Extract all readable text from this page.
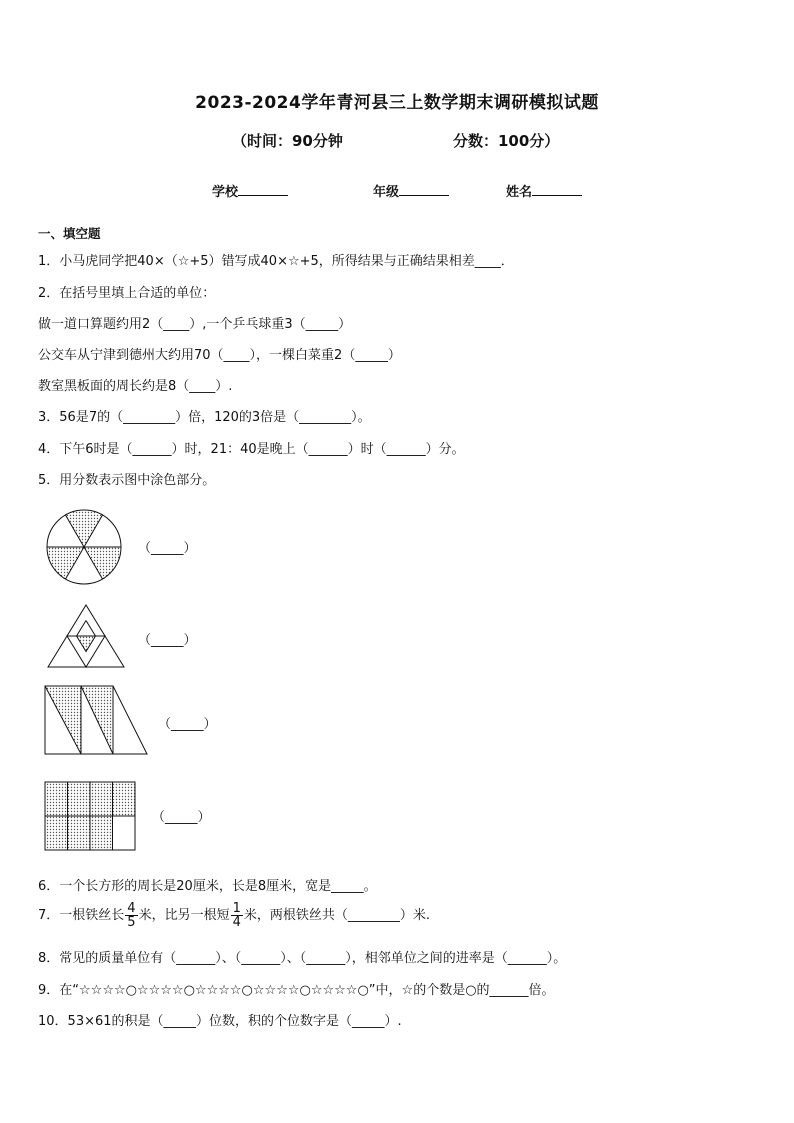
2023-2024学年青河县三上数学期末调研模拟试题
（时间：90分钟	分数：100分）
学校	年级	姓名
一、填空题
1．小马虎同学把40×（☆+5）错写成40×☆+5，所得结果与正确结果相差____．
2．在括号里填上合适的单位：
做一道口算题约用2（____）,一个乒乓球重3（_____）
公交车从宁津到德州大约用70（____），一棵白菜重2（_____）
教室黑板面的周长约是8（____）.
3．56是7的（________）倍，120的3倍是（________）。
4．下午6时是（______）时，21：40是晚上（______）时（______）分。
5．用分数表示图中涂色部分。
（_____）
（_____）
（_____）
（_____）
6．一个长方形的周长是20厘米，长是8厘米，宽是_____。
7．一根铁丝长 $\frac{4}{5}$ 米，比另一根短 $\frac{1}{4}$ 米，两根铁丝共（________）米.
8．常见的质量单位有（______）、（______）、（______），相邻单位之间的进率是（______）。
9．在“☆☆☆☆○☆☆☆☆○☆☆☆☆○☆☆☆☆○☆☆☆☆○”中，☆的个数是○的______倍。
10．53×61的积是（_____）位数，积的个位数字是（_____）.
